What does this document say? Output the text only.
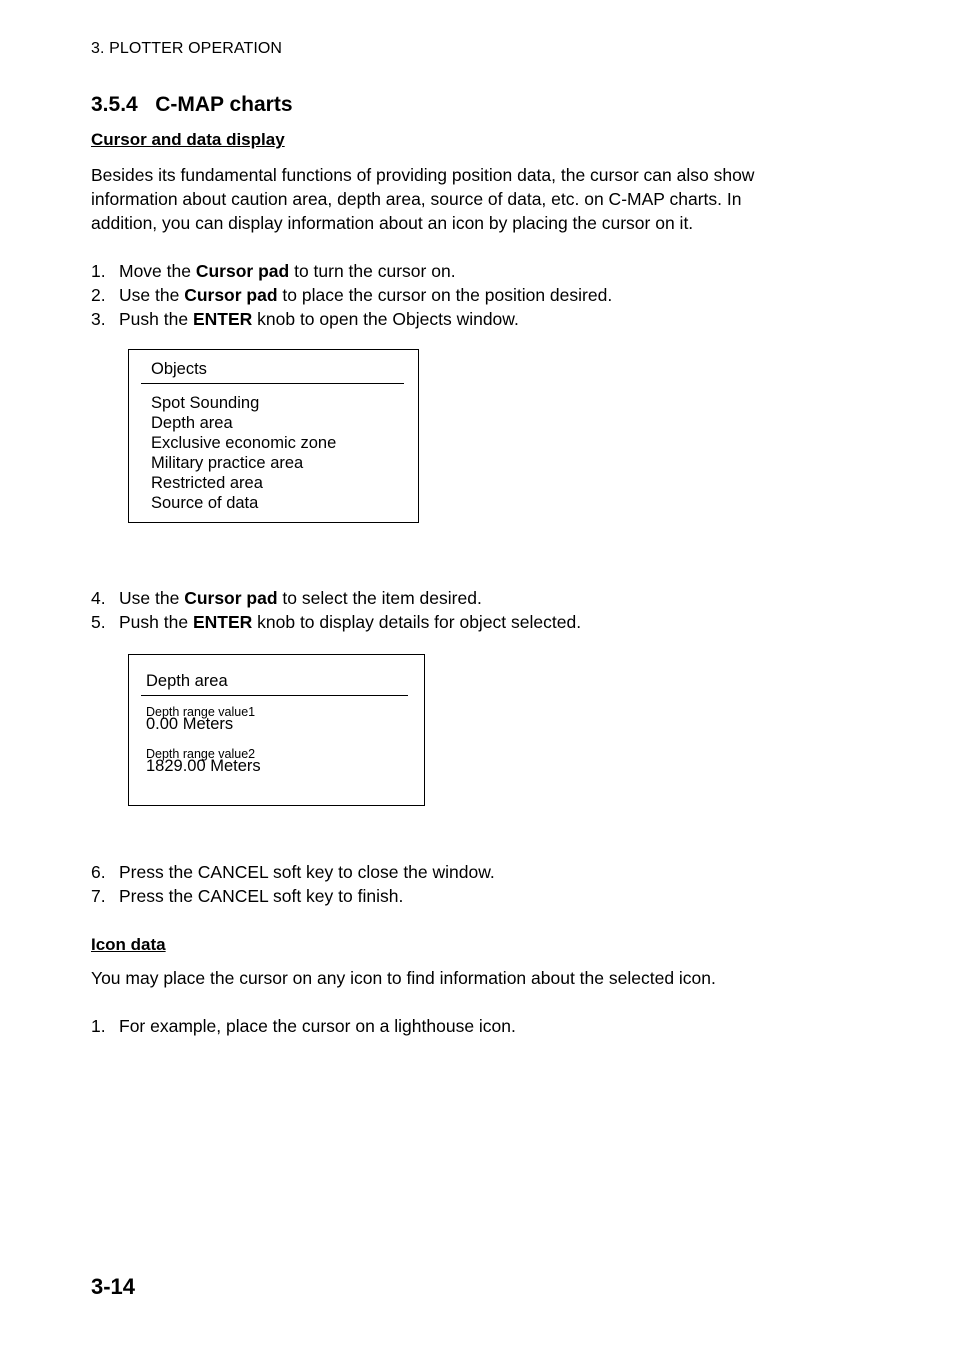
3. PLOTTER OPERATION
3.5.4   C-MAP charts
Cursor and data display
Besides its fundamental functions of providing position data, the cursor can also show
information about caution area, depth area, source of data, etc. on C-MAP charts. In
addition, you can display information about an icon by placing the cursor on it.
1. Move the Cursor pad to turn the cursor on.
2. Use the Cursor pad to place the cursor on the position desired.
3. Push the ENTER knob to open the Objects window.
Objects
Spot Sounding
Depth area
Exclusive economic zone
Military practice area
Restricted area
Source of data
4. Use the Cursor pad to select the item desired.
5. Push the ENTER knob to display details for object selected.
Depth area
Depth range value1
0.00 Meters
Depth range value2
1829.00 Meters
6. Press the CANCEL soft key to close the window.
7. Press the CANCEL soft key to finish.
Icon data
You may place the cursor on any icon to find information about the selected icon.
1. For example, place the cursor on a lighthouse icon.
3-14
